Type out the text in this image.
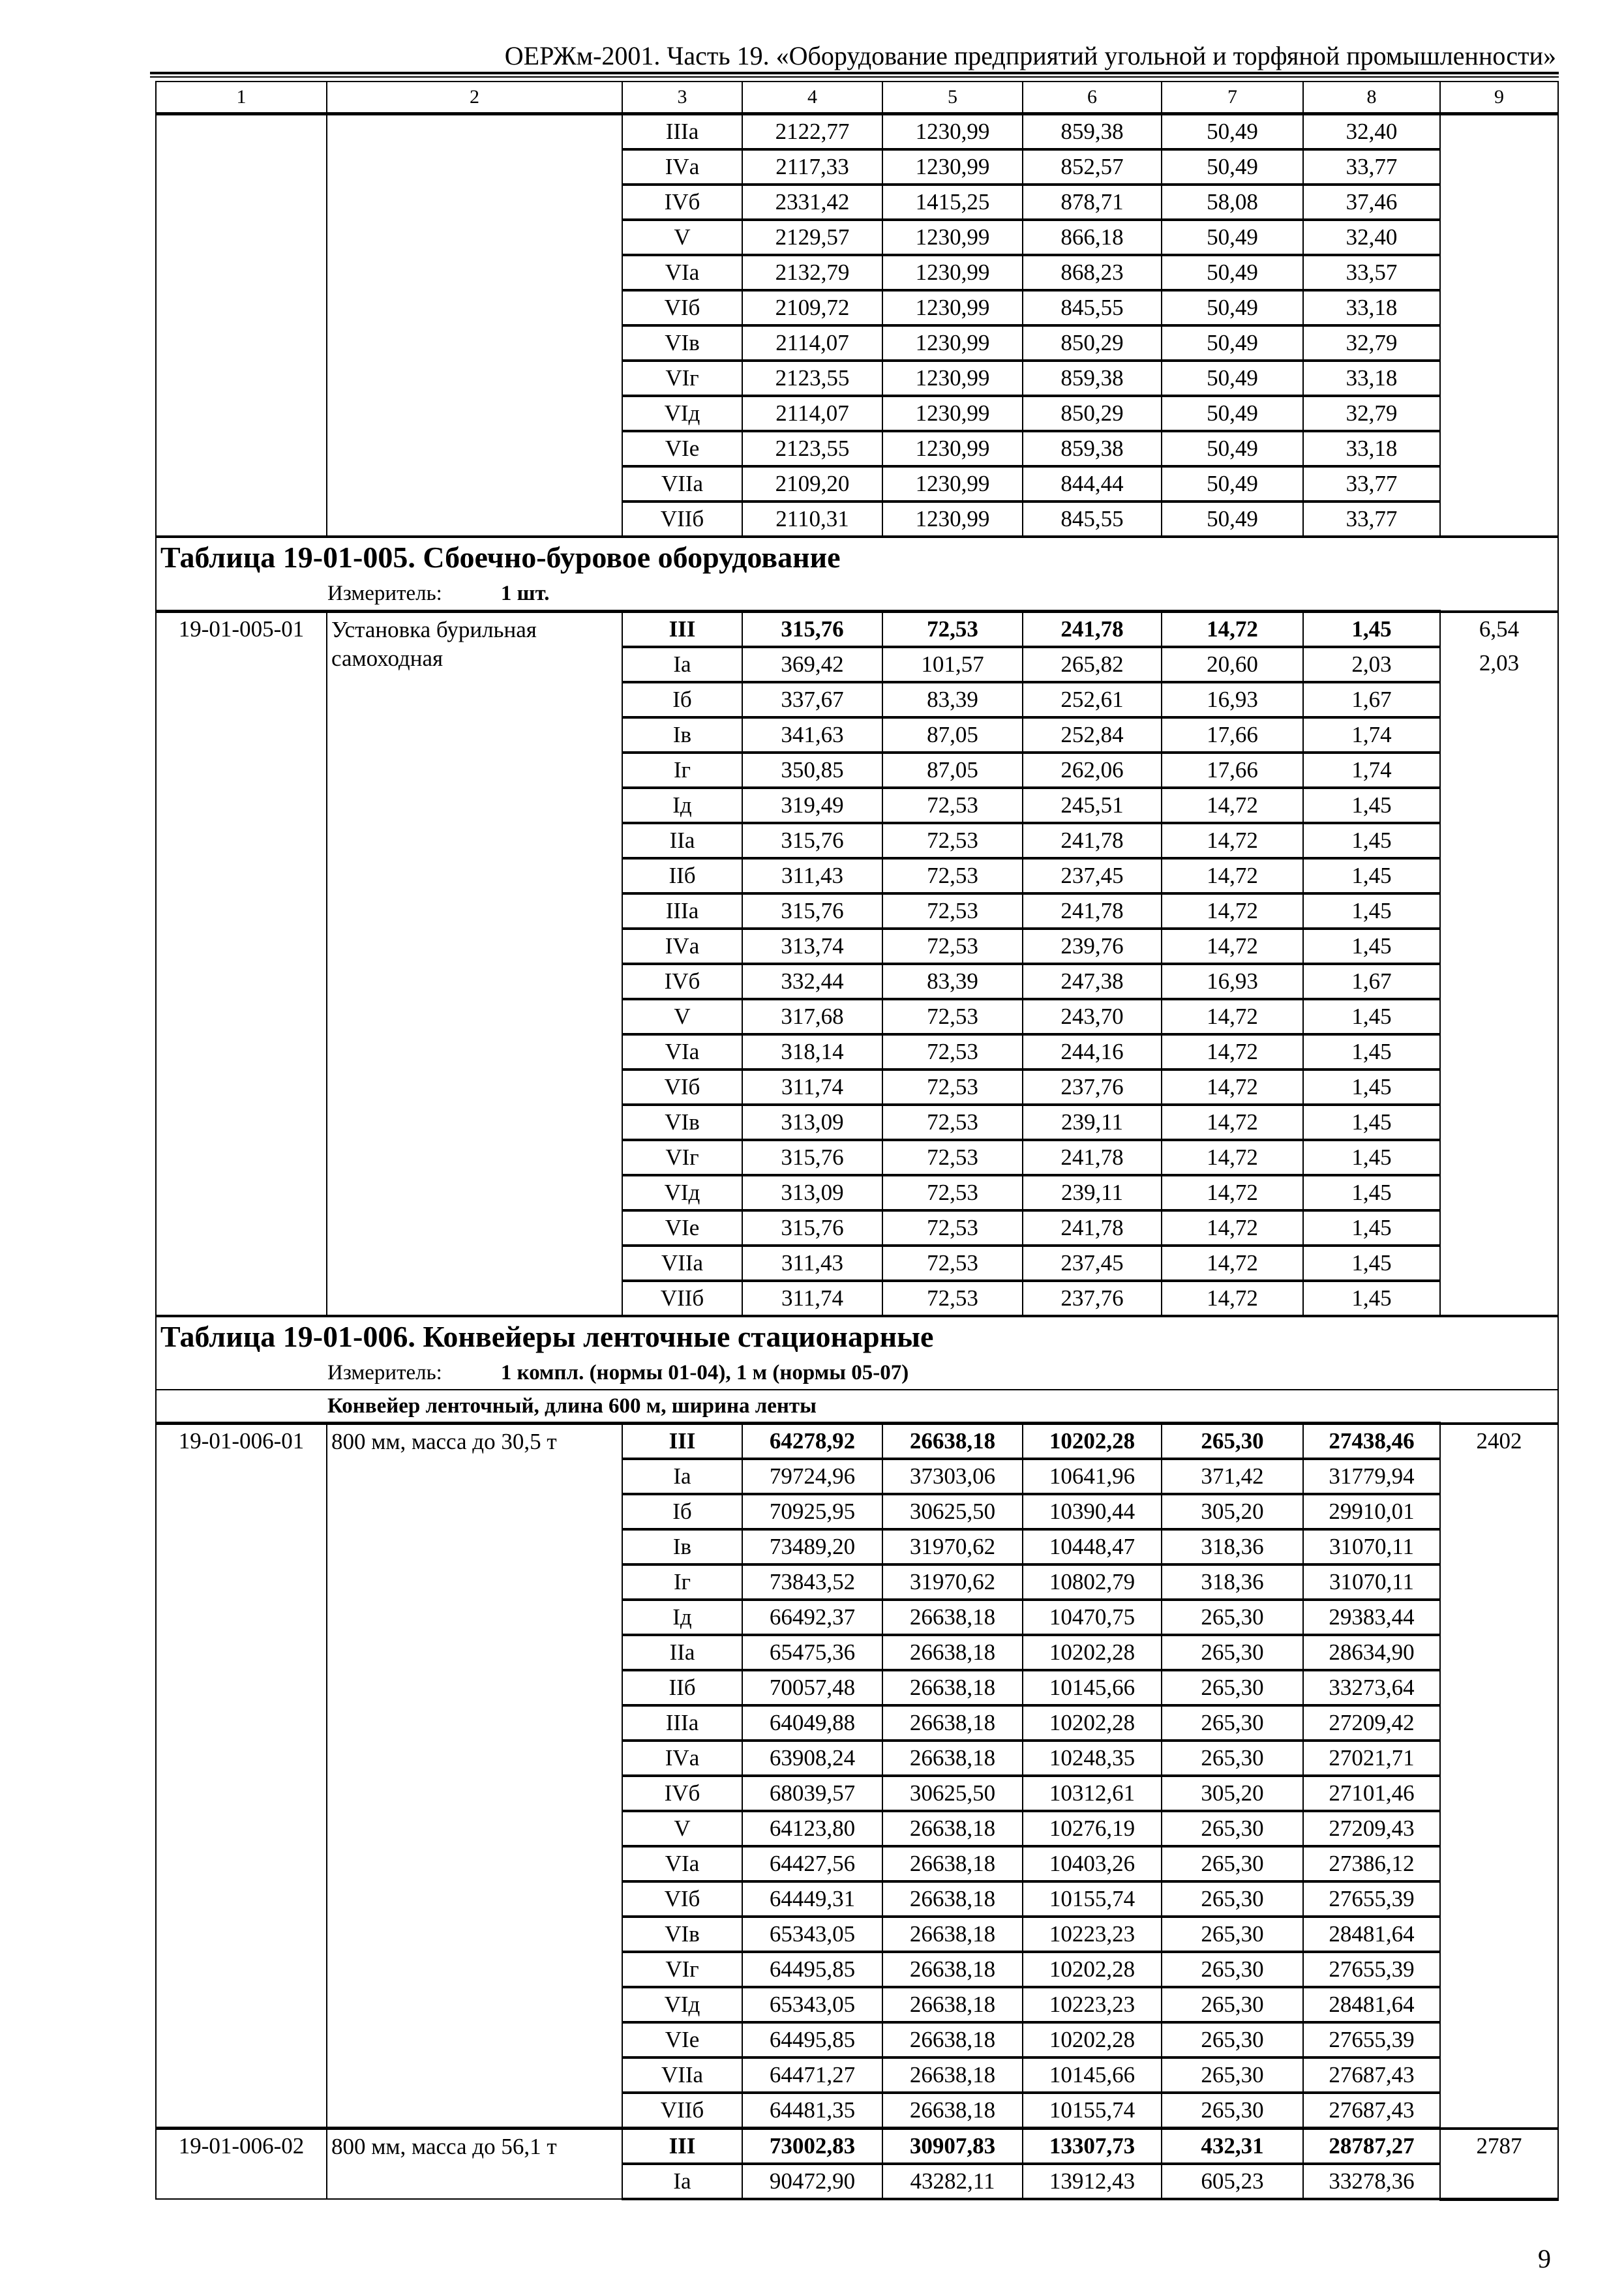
ОЕРЖм-2001. Часть 19. «Оборудование предприятий угольной и торфяной промышленности»
1	2	3	4	5	6	7	8	9
		IIIа	2122,77	1230,99	859,38	50,49	32,40	
		IVа	2117,33	1230,99	852,57	50,49	33,77	
		IVб	2331,42	1415,25	878,71	58,08	37,46	
		V	2129,57	1230,99	866,18	50,49	32,40	
		VIа	2132,79	1230,99	868,23	50,49	33,57	
		VIб	2109,72	1230,99	845,55	50,49	33,18	
		VIв	2114,07	1230,99	850,29	50,49	32,79	
		VIг	2123,55	1230,99	859,38	50,49	33,18	
		VIд	2114,07	1230,99	850,29	50,49	32,79	
		VIе	2123,55	1230,99	859,38	50,49	33,18	
		VIIа	2109,20	1230,99	844,44	50,49	33,77	
		VIIб	2110,31	1230,99	845,55	50,49	33,77	
Таблица 19-01-005. Сбоечно-буровое оборудование								
Измеритель: 1 шт.								
19-01-005-01	Установка бурильная самоходная	III	315,76	72,53	241,78	14,72	1,45	6,54
		Iа	369,42	101,57	265,82	20,60	2,03	2,03
		Iб	337,67	83,39	252,61	16,93	1,67	
		Iв	341,63	87,05	252,84	17,66	1,74	
		Iг	350,85	87,05	262,06	17,66	1,74	
		Iд	319,49	72,53	245,51	14,72	1,45	
		IIа	315,76	72,53	241,78	14,72	1,45	
		IIб	311,43	72,53	237,45	14,72	1,45	
		IIIа	315,76	72,53	241,78	14,72	1,45	
		IVа	313,74	72,53	239,76	14,72	1,45	
		IVб	332,44	83,39	247,38	16,93	1,67	
		V	317,68	72,53	243,70	14,72	1,45	
		VIа	318,14	72,53	244,16	14,72	1,45	
		VIб	311,74	72,53	237,76	14,72	1,45	
		VIв	313,09	72,53	239,11	14,72	1,45	
		VIг	315,76	72,53	241,78	14,72	1,45	
		VIд	313,09	72,53	239,11	14,72	1,45	
		VIе	315,76	72,53	241,78	14,72	1,45	
		VIIа	311,43	72,53	237,45	14,72	1,45	
		VIIб	311,74	72,53	237,76	14,72	1,45	
Таблица 19-01-006. Конвейеры ленточные стационарные								
Измеритель: 1 компл. (нормы 01-04), 1 м (нормы 05-07)								
Конвейер ленточный, длина 600 м, ширина ленты								
19-01-006-01	800 мм, масса до 30,5 т	III	64278,92	26638,18	10202,28	265,30	27438,46	2402
		Iа	79724,96	37303,06	10641,96	371,42	31779,94	
		Iб	70925,95	30625,50	10390,44	305,20	29910,01	
		Iв	73489,20	31970,62	10448,47	318,36	31070,11	
		Iг	73843,52	31970,62	10802,79	318,36	31070,11	
		Iд	66492,37	26638,18	10470,75	265,30	29383,44	
		IIа	65475,36	26638,18	10202,28	265,30	28634,90	
		IIб	70057,48	26638,18	10145,66	265,30	33273,64	
		IIIа	64049,88	26638,18	10202,28	265,30	27209,42	
		IVа	63908,24	26638,18	10248,35	265,30	27021,71	
		IVб	68039,57	30625,50	10312,61	305,20	27101,46	
		V	64123,80	26638,18	10276,19	265,30	27209,43	
		VIа	64427,56	26638,18	10403,26	265,30	27386,12	
		VIб	64449,31	26638,18	10155,74	265,30	27655,39	
		VIв	65343,05	26638,18	10223,23	265,30	28481,64	
		VIг	64495,85	26638,18	10202,28	265,30	27655,39	
		VIд	65343,05	26638,18	10223,23	265,30	28481,64	
		VIе	64495,85	26638,18	10202,28	265,30	27655,39	
		VIIа	64471,27	26638,18	10145,66	265,30	27687,43	
		VIIб	64481,35	26638,18	10155,74	265,30	27687,43	
19-01-006-02	800 мм, масса до 56,1 т	III	73002,83	30907,83	13307,73	432,31	28787,27	2787
		Iа	90472,90	43282,11	13912,43	605,23	33278,36	
9
